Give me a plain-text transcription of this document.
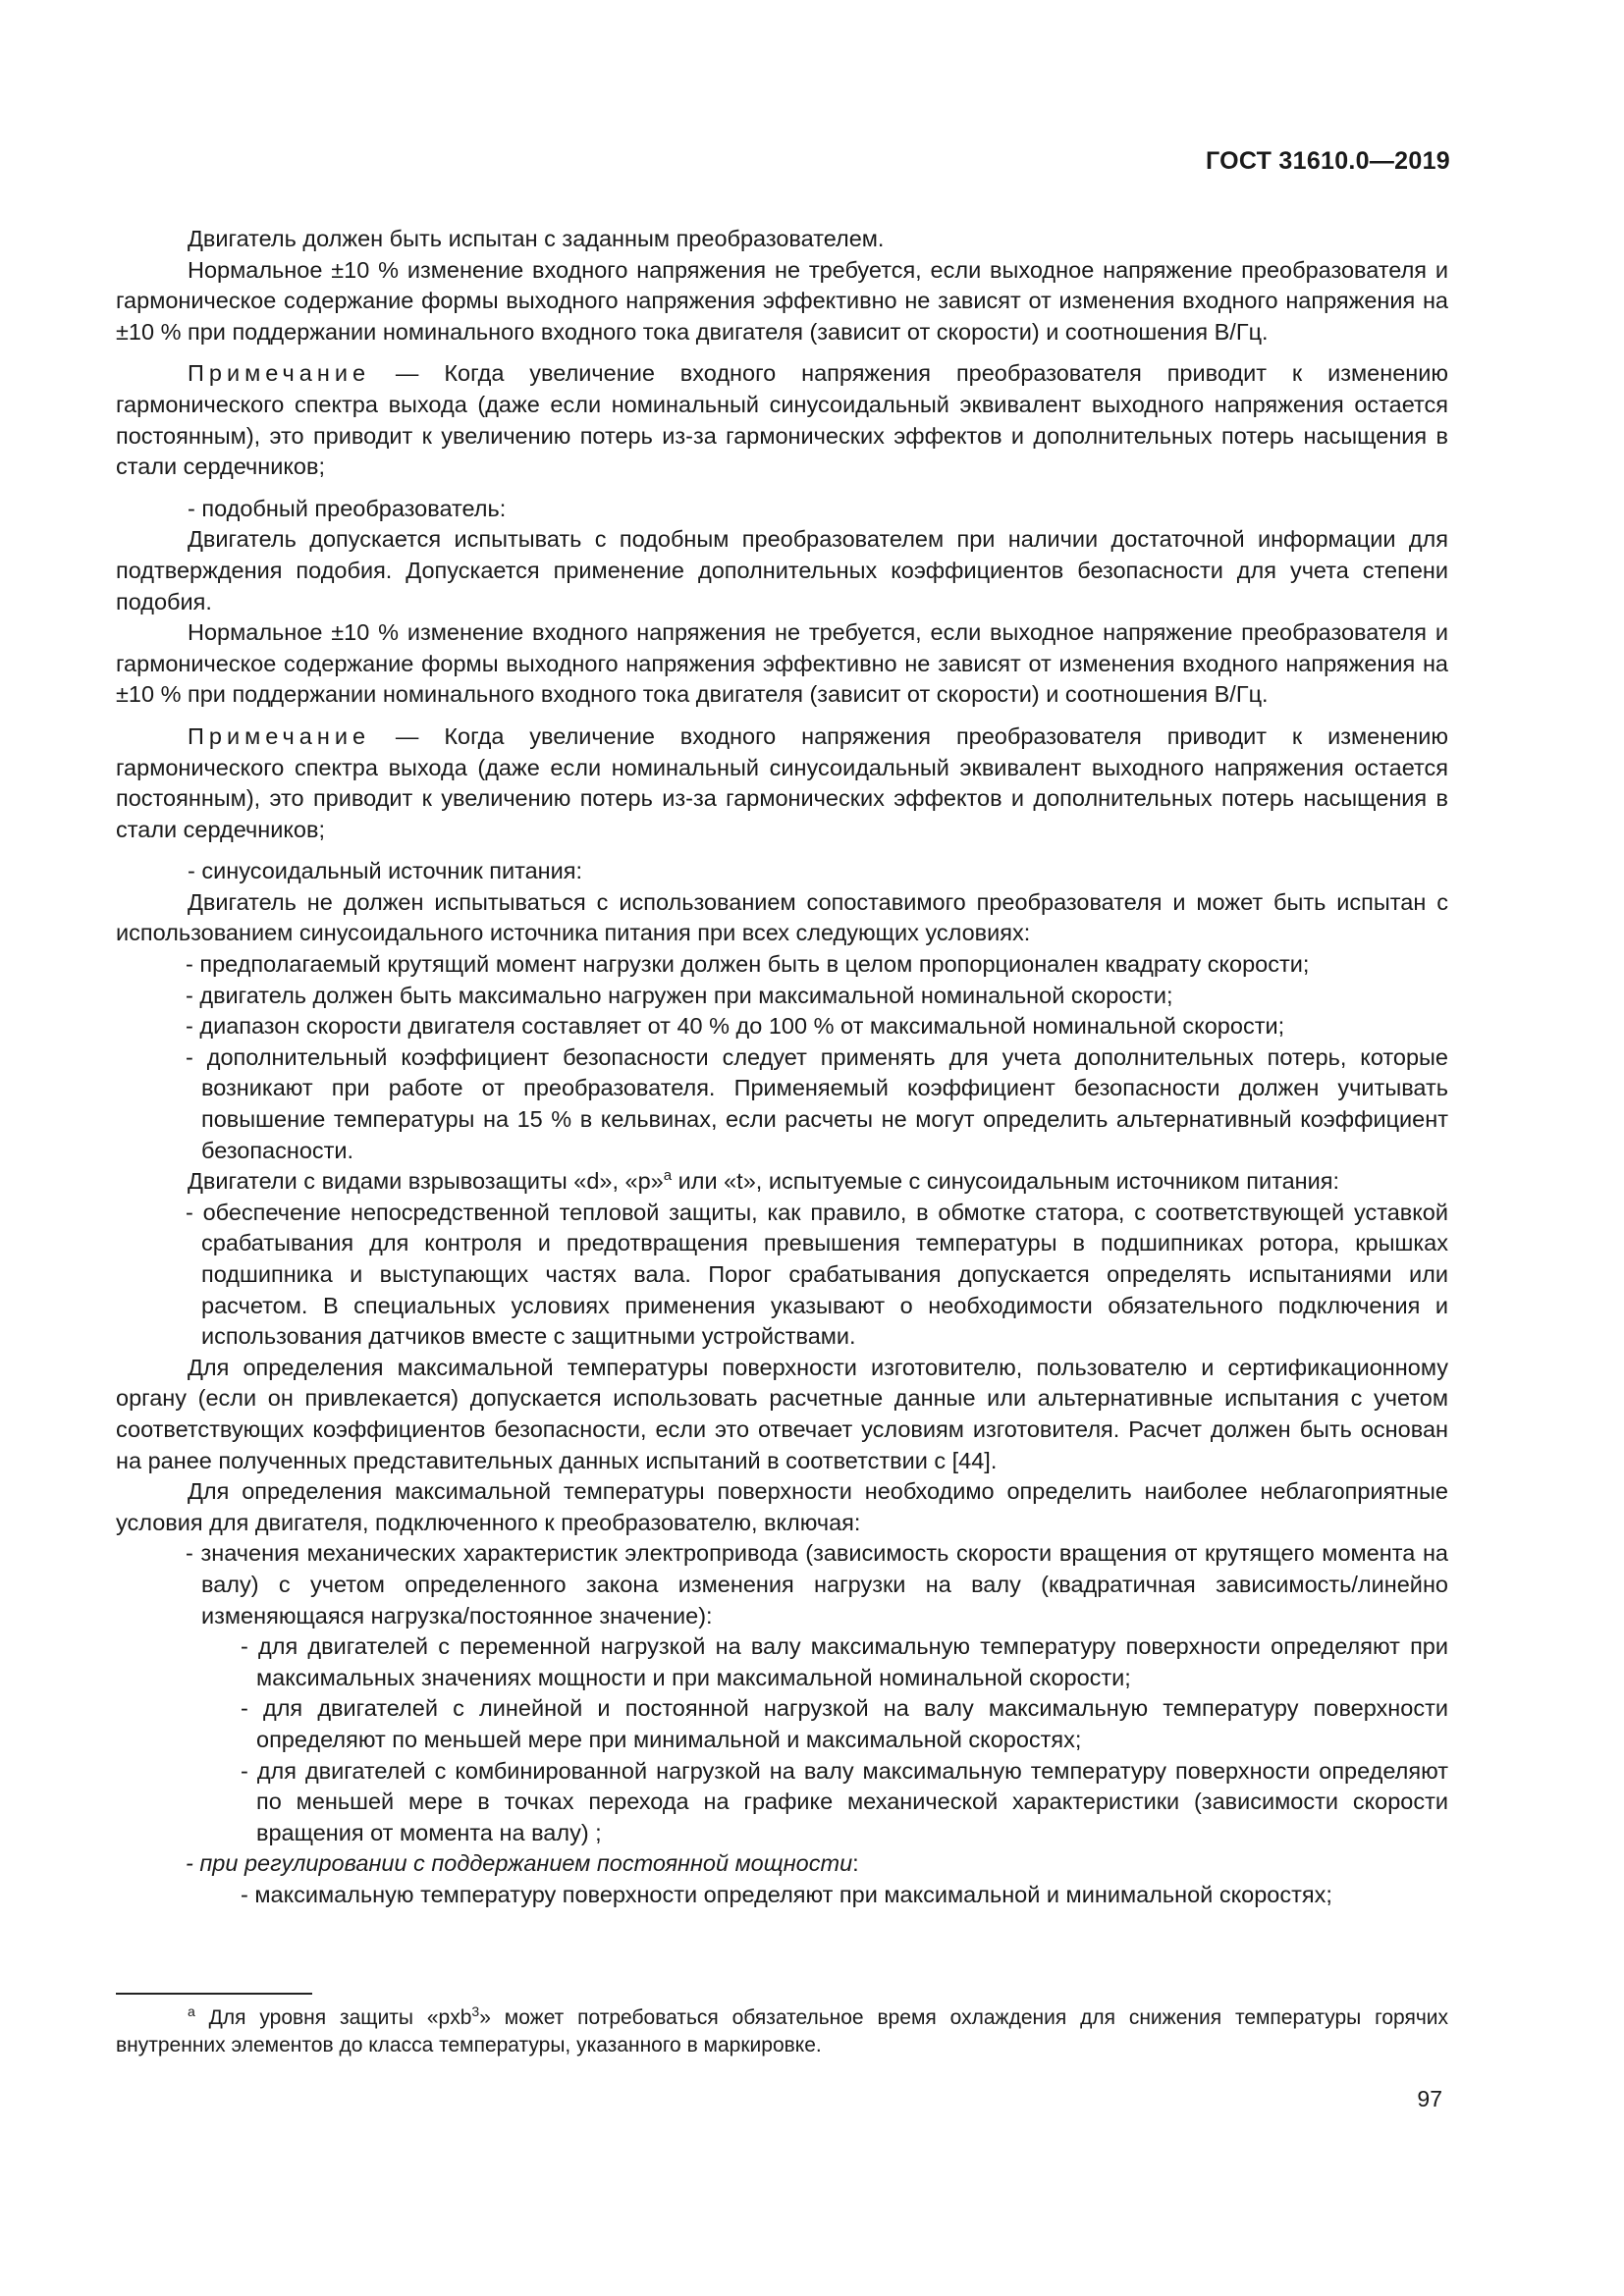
ГОСТ 31610.0—2019

Двигатель должен быть испытан с заданным преобразователем.

Нормальное ±10 % изменение входного напряжения не требуется, если выходное напряжение преобразователя и гармоническое содержание формы выходного напряжения эффективно не зависят от изменения входного напряжения на ±10 % при поддержании номинального входного тока двигателя (зависит от скорости) и соотношения В/Гц.

Примечание — Когда увеличение входного напряжения преобразователя приводит к изменению гармонического спектра выхода (даже если номинальный синусоидальный эквивалент выходного напряжения остается постоянным), это приводит к увеличению потерь из-за гармонических эффектов и дополнительных потерь насыщения в стали сердечников;

- подобный преобразователь:

Двигатель допускается испытывать с подобным преобразователем при наличии достаточной информации для подтверждения подобия. Допускается применение дополнительных коэффициентов безопасности для учета степени подобия.

Нормальное ±10 % изменение входного напряжения не требуется, если выходное напряжение преобразователя и гармоническое содержание формы выходного напряжения эффективно не зависят от изменения входного напряжения на ±10 % при поддержании номинального входного тока двигателя (зависит от скорости) и соотношения В/Гц.

Примечание — Когда увеличение входного напряжения преобразователя приводит к изменению гармонического спектра выхода (даже если номинальный синусоидальный эквивалент выходного напряжения остается постоянным), это приводит к увеличению потерь из-за гармонических эффектов и дополнительных потерь насыщения в стали сердечников;

- синусоидальный источник питания:

Двигатель не должен испытываться с использованием сопоставимого преобразователя и может быть испытан с использованием синусоидального источника питания при всех следующих условиях:

- предполагаемый крутящий момент нагрузки должен быть в целом пропорционален квадрату скорости;

- двигатель должен быть максимально нагружен при максимальной номинальной скорости;

- диапазон скорости двигателя составляет от 40 % до 100 % от максимальной номинальной скорости;

- дополнительный коэффициент безопасности следует применять для учета дополнительных потерь, которые возникают при работе от преобразователя. Применяемый коэффициент безопасности должен учитывать повышение температуры на 15 % в кельвинах, если расчеты не могут определить альтернативный коэффициент безопасности.

Двигатели с видами взрывозащиты «d», «p»$^a$ или «t», испытуемые с синусоидальным источником питания:

- обеспечение непосредственной тепловой защиты, как правило, в обмотке статора, с соответствующей уставкой срабатывания для контроля и предотвращения превышения температуры в подшипниках ротора, крышках подшипника и выступающих частях вала. Порог срабатывания допускается определять испытаниями или расчетом. В специальных условиях применения указывают о необходимости обязательного подключения и использования датчиков вместе с защитными устройствами.

Для определения максимальной температуры поверхности изготовителю, пользователю и сертификационному органу (если он привлекается) допускается использовать расчетные данные или альтернативные испытания с учетом соответствующих коэффициентов безопасности, если это отвечает условиям изготовителя. Расчет должен быть основан на ранее полученных представительных данных испытаний в соответствии с [44].

Для определения максимальной температуры поверхности необходимо определить наиболее неблагоприятные условия для двигателя, подключенного к преобразователю, включая:

- значения механических характеристик электропривода (зависимость скорости вращения от крутящего момента на валу) с учетом определенного закона изменения нагрузки на валу (квадратичная зависимость/линейно изменяющаяся нагрузка/постоянное значение):

- для двигателей с переменной нагрузкой на валу максимальную температуру поверхности определяют при максимальных значениях мощности и при максимальной номинальной скорости;

- для двигателей с линейной и постоянной нагрузкой на валу максимальную температуру поверхности определяют по меньшей мере при минимальной и максимальной скоростях;

- для двигателей с комбинированной нагрузкой на валу максимальную температуру поверхности определяют по меньшей мере в точках перехода на графике механической характеристики (зависимости скорости вращения от момента на валу) ;

- при регулировании с поддержанием постоянной мощности:

- максимальную температуру поверхности определяют при максимальной и минимальной скоростях;

$^a$ Для уровня защиты «pxb$^3$» может потребоваться обязательное время охлаждения для снижения температуры горячих внутренних элементов до класса температуры, указанного в маркировке.

97
